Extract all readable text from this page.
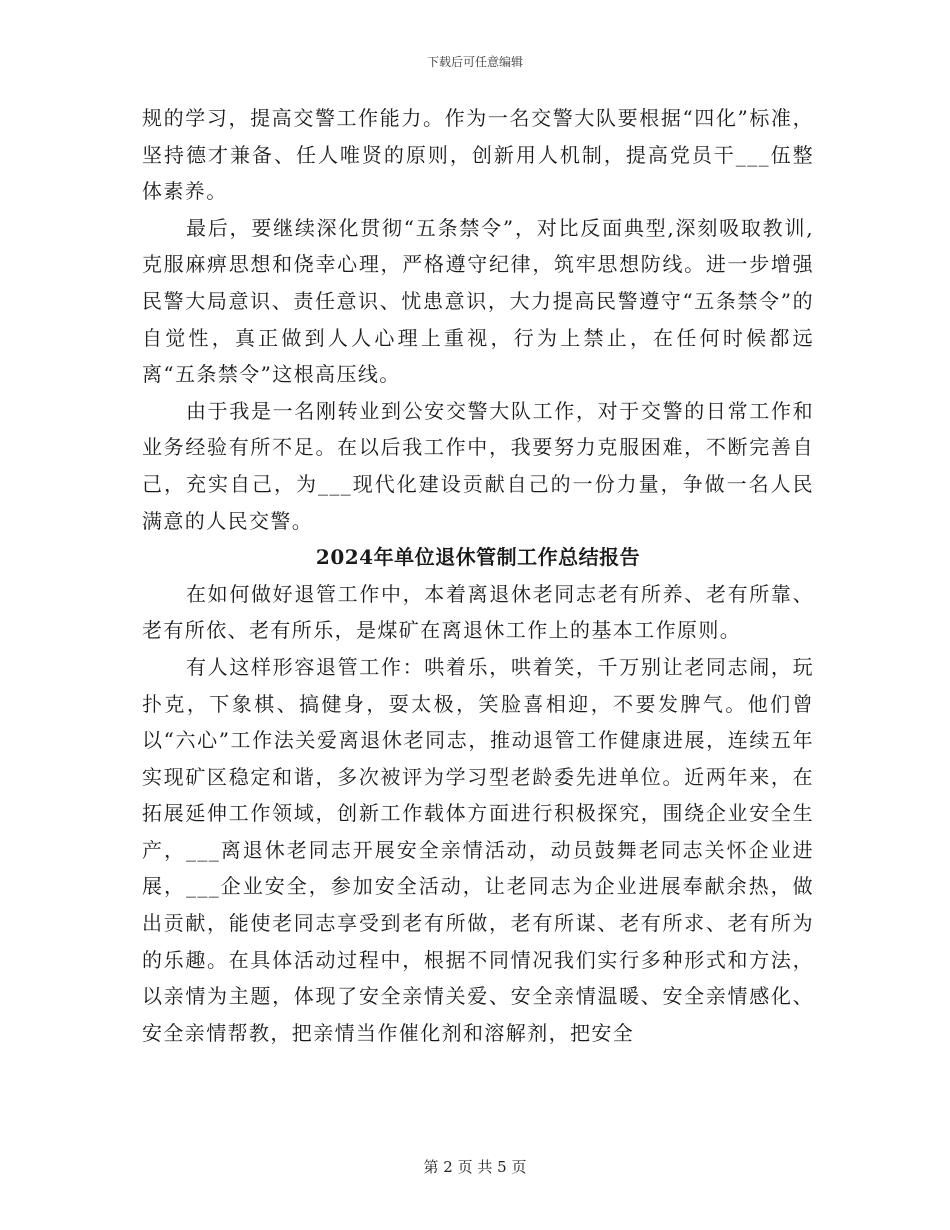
下载后可任意编辑

规的学习，提高交警工作能力。作为一名交警大队要根据“四化”标准，坚持德才兼备、任人唯贤的原则，创新用人机制，提高党员干___伍整体素养。

最后，要继续深化贯彻“五条禁令”，对比反面典型,深刻吸取教训,克服麻痹思想和侥幸心理，严格遵守纪律，筑牢思想防线。进一步增强民警大局意识、责任意识、忧患意识，大力提高民警遵守“五条禁令”的自觉性，真正做到人人心理上重视，行为上禁止，在任何时候都远离“五条禁令”这根高压线。

由于我是一名刚转业到公安交警大队工作，对于交警的日常工作和业务经验有所不足。在以后我工作中，我要努力克服困难，不断完善自己，充实自己，为___现代化建设贡献自己的一份力量，争做一名人民满意的人民交警。

2024年单位退休管制工作总结报告

在如何做好退管工作中，本着离退休老同志老有所养、老有所靠、老有所依、老有所乐，是煤矿在离退休工作上的基本工作原则。

有人这样形容退管工作：哄着乐，哄着笑，千万别让老同志闹，玩扑克，下象棋、搞健身，耍太极，笑脸喜相迎，不要发脾气。他们曾以“六心”工作法关爱离退休老同志，推动退管工作健康进展，连续五年实现矿区稳定和谐，多次被评为学习型老龄委先进单位。近两年来，在拓展延伸工作领域，创新工作载体方面进行积极探究，围绕企业安全生产，___离退休老同志开展安全亲情活动，动员鼓舞老同志关怀企业进展，___企业安全，参加安全活动，让老同志为企业进展奉献余热，做出贡献，能使老同志享受到老有所做，老有所谋、老有所求、老有所为的乐趣。在具体活动过程中，根据不同情况我们实行多种形式和方法，以亲情为主题，体现了安全亲情关爱、安全亲情温暖、安全亲情感化、安全亲情帮教，把亲情当作催化剂和溶解剂，把安全

第 2 页 共 5 页
